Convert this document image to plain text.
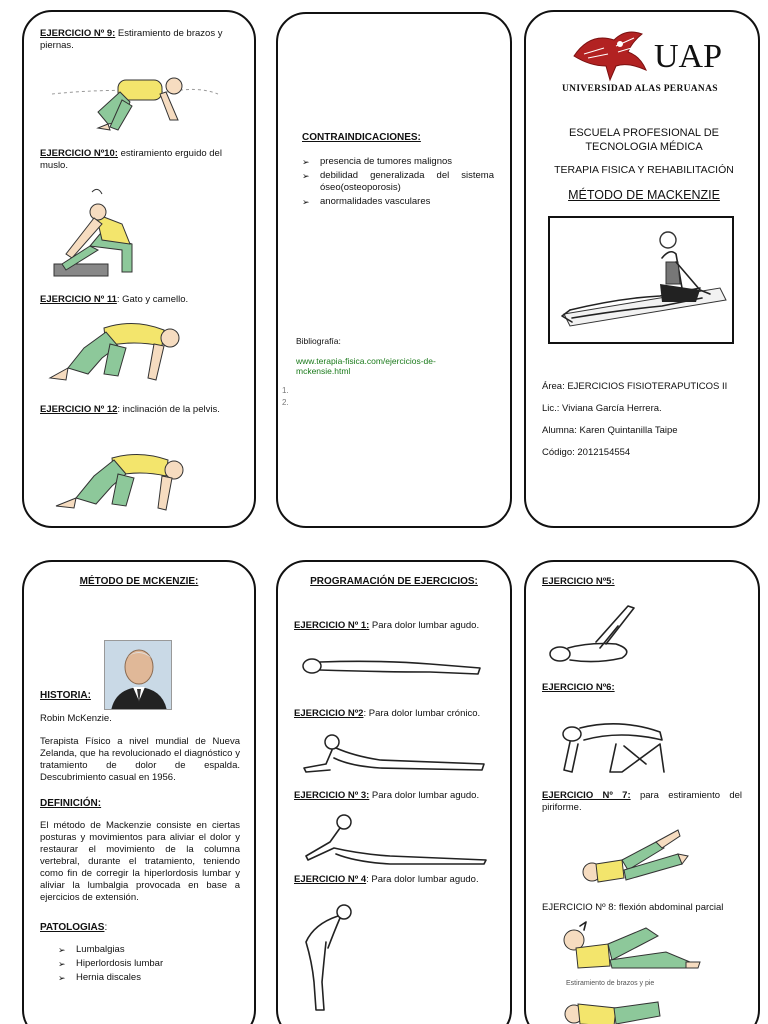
EJERCICIO Nº 9: Estiramiento de brazos y piernas.
EJERCICIO Nº10: estiramiento erguido del muslo.
EJERCICIO Nº 11: Gato y camello.
EJERCICIO Nº 12: inclinación de la pelvis.
CONTRAINDICACIONES:
➢ presencia de tumores malignos
➢ debilidad generalizada del sistema óseo(osteoporosis)
➢ anormalidades vasculares
Bibliografía:
www.terapia-fisica.com/ejercicios-de-mckensie.html
1.
2.
UAP
UNIVERSIDAD ALAS PERUANAS
ESCUELA PROFESIONAL DE TECNOLOGIA MÉDICA
TERAPIA FISICA Y REHABILITACIÓN
MÉTODO DE MACKENZIE
Área: EJERCICIOS FISIOTERAPUTICOS II
Lic.: Viviana García Herrera.
Alumna: Karen Quintanilla Taipe
Código: 2012154554
MÉTODO DE MCKENZIE:
HISTORIA:
Robin McKenzie.
Terapista Físico a nivel mundial de Nueva Zelanda, que ha revolucionado el diagnóstico y tratamiento de dolor de espalda. Descubrimiento casual en 1956.
DEFINICIÓN:
El método de Mackenzie consiste en ciertas posturas y movimientos para aliviar el dolor y restaurar el movimiento de la columna vertebral, durante el tratamiento, teniendo como fin de corregir la hiperlordosis lumbar y aliviar la lumbalgia provocada en base a ejercicios de extensión.
PATOLOGIAS:
➢ Lumbalgias
➢ Hiperlordosis lumbar
➢ Hernia discales
PROGRAMACIÓN DE EJERCICIOS:
EJERCICIO Nº 1: Para dolor lumbar agudo.
EJERCICIO Nº2: Para dolor lumbar crónico.
EJERCICIO Nº 3: Para dolor lumbar agudo.
EJERCICIO Nº 4: Para dolor lumbar agudo.
EJERCICIO Nº5:
EJERCICIO Nº6:
EJERCICIO Nº 7: para estiramiento del piriforme.
EJERCICIO Nº 8: flexión abdominal parcial
Estiramiento de brazos y pie
